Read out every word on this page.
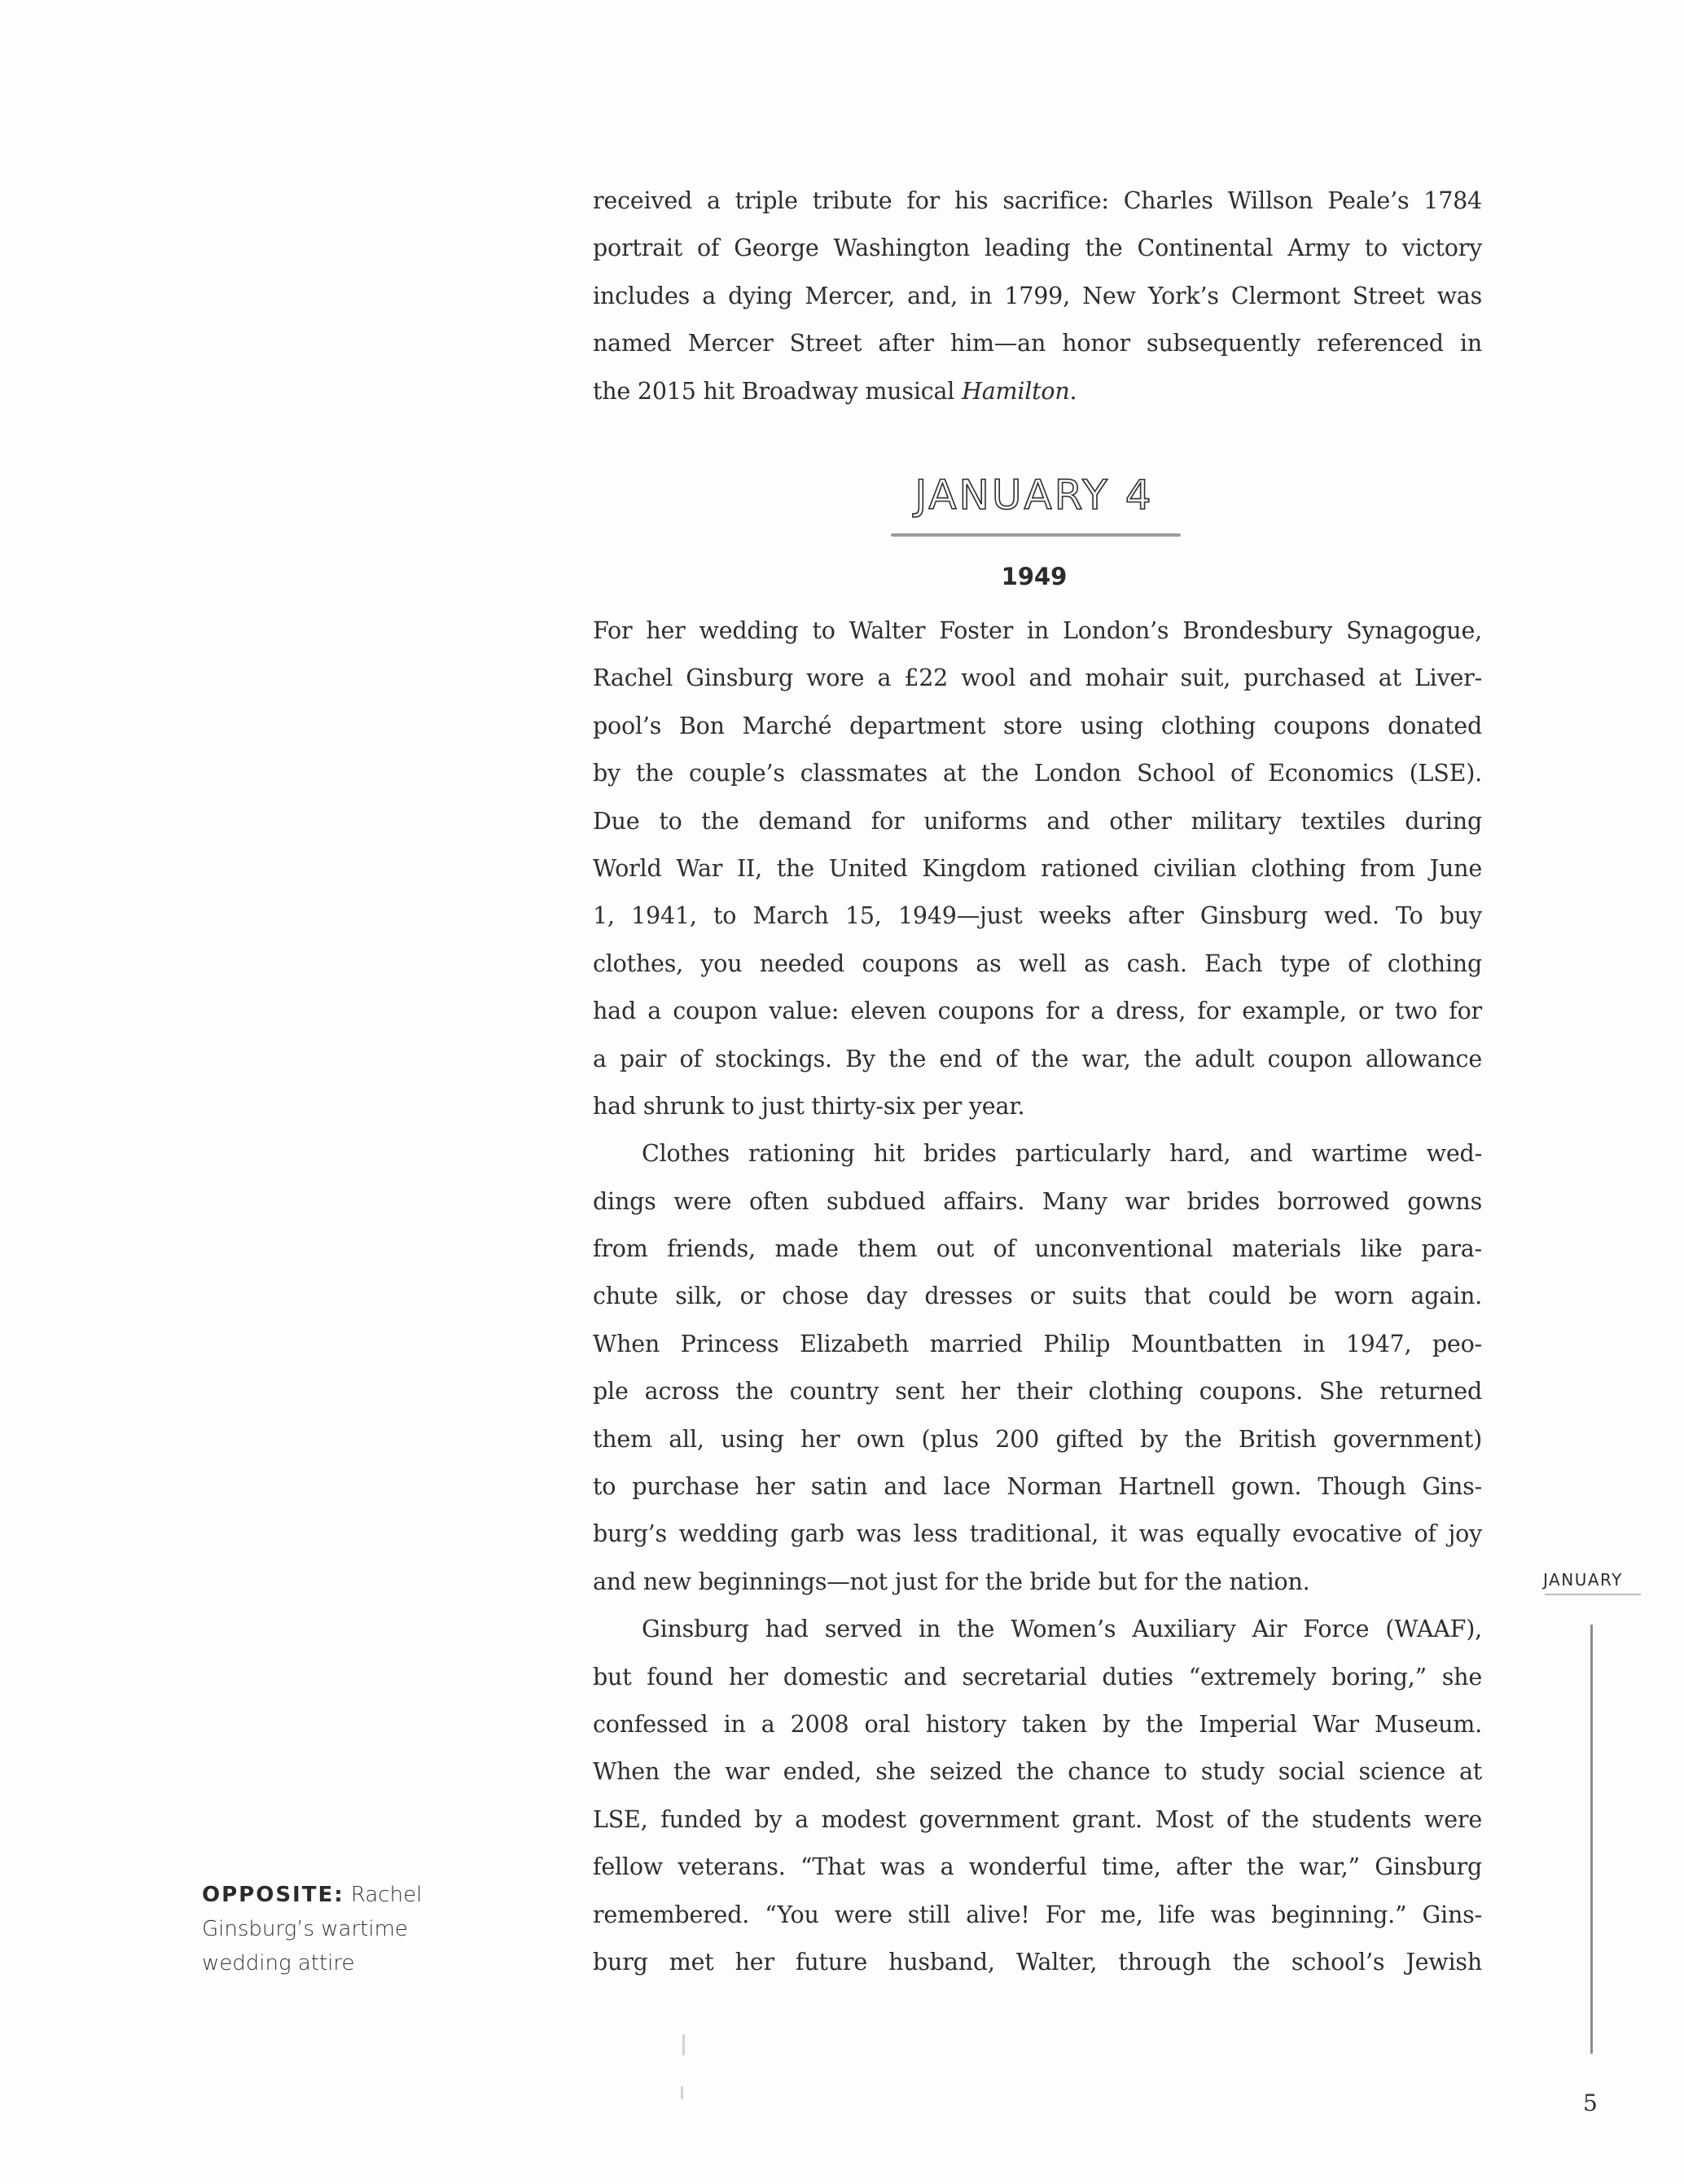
received a triple tribute for his sacrifice: Charles Willson Peale’s 1784
portrait of George Washington leading the Continental Army to victory
includes a dying Mercer, and, in 1799, New York’s Clermont Street was
named Mercer Street after him—an honor subsequently referenced in
the 2015 hit Broadway musical Hamilton.
JANUARY 4
1949
For her wedding to Walter Foster in London’s Brondesbury Synagogue,
Rachel Ginsburg wore a £22 wool and mohair suit, purchased at Liver-
pool’s Bon Marché department store using clothing coupons donated
by the couple’s classmates at the London School of Economics (LSE).
Due to the demand for uniforms and other military textiles during
World War II, the United Kingdom rationed civilian clothing from June
1, 1941, to March 15, 1949—just weeks after Ginsburg wed. To buy
clothes, you needed coupons as well as cash. Each type of clothing
had a coupon value: eleven coupons for a dress, for example, or two for
a pair of stockings. By the end of the war, the adult coupon allowance
had shrunk to just thirty-six per year.
Clothes rationing hit brides particularly hard, and wartime wed-
dings were often subdued affairs. Many war brides borrowed gowns
from friends, made them out of unconventional materials like para-
chute silk, or chose day dresses or suits that could be worn again.
When Princess Elizabeth married Philip Mountbatten in 1947, peo-
ple across the country sent her their clothing coupons. She returned
them all, using her own (plus 200 gifted by the British government)
to purchase her satin and lace Norman Hartnell gown. Though Gins-
burg’s wedding garb was less traditional, it was equally evocative of joy
and new beginnings—not just for the bride but for the nation.
Ginsburg had served in the Women’s Auxiliary Air Force (WAAF),
but found her domestic and secretarial duties “extremely boring,” she
confessed in a 2008 oral history taken by the Imperial War Museum.
When the war ended, she seized the chance to study social science at
LSE, funded by a modest government grant. Most of the students were
fellow veterans. “That was a wonderful time, after the war,” Ginsburg
remembered. “You were still alive! For me, life was beginning.” Gins-
burg met her future husband, Walter, through the school’s Jewish
OPPOSITE: Rachel Ginsburg’s wartime wedding attire
JANUARY
5
